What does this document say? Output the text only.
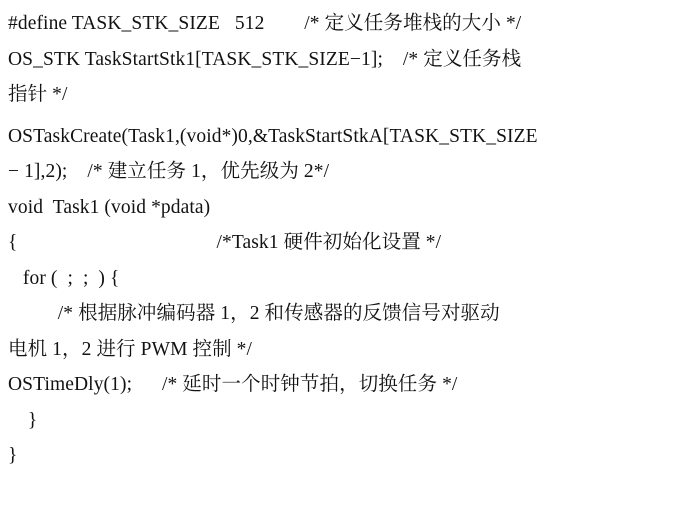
#define TASK_STK_SIZE   512        /* 定义任务堆栈的大小 */
OS_STK TaskStartStk1[TASK_STK_SIZE−1];    /* 定义任务栈
指针 */
OSTaskCreate(Task1,(void*)0,&TaskStartStkA[TASK_STK_SIZE
− 1],2);    /* 建立任务 1，优先级为 2*/
void  Task1 (void *pdata)
{                                        /*Task1 硬件初始化设置 */
for (  ;  ;  ) {
/* 根据脉冲编码器 1，2 和传感器的反馈信号对驱动
电机 1，2 进行 PWM 控制 */
OSTimeDly(1);      /* 延时一个时钟节拍，切换任务 */
}
}
